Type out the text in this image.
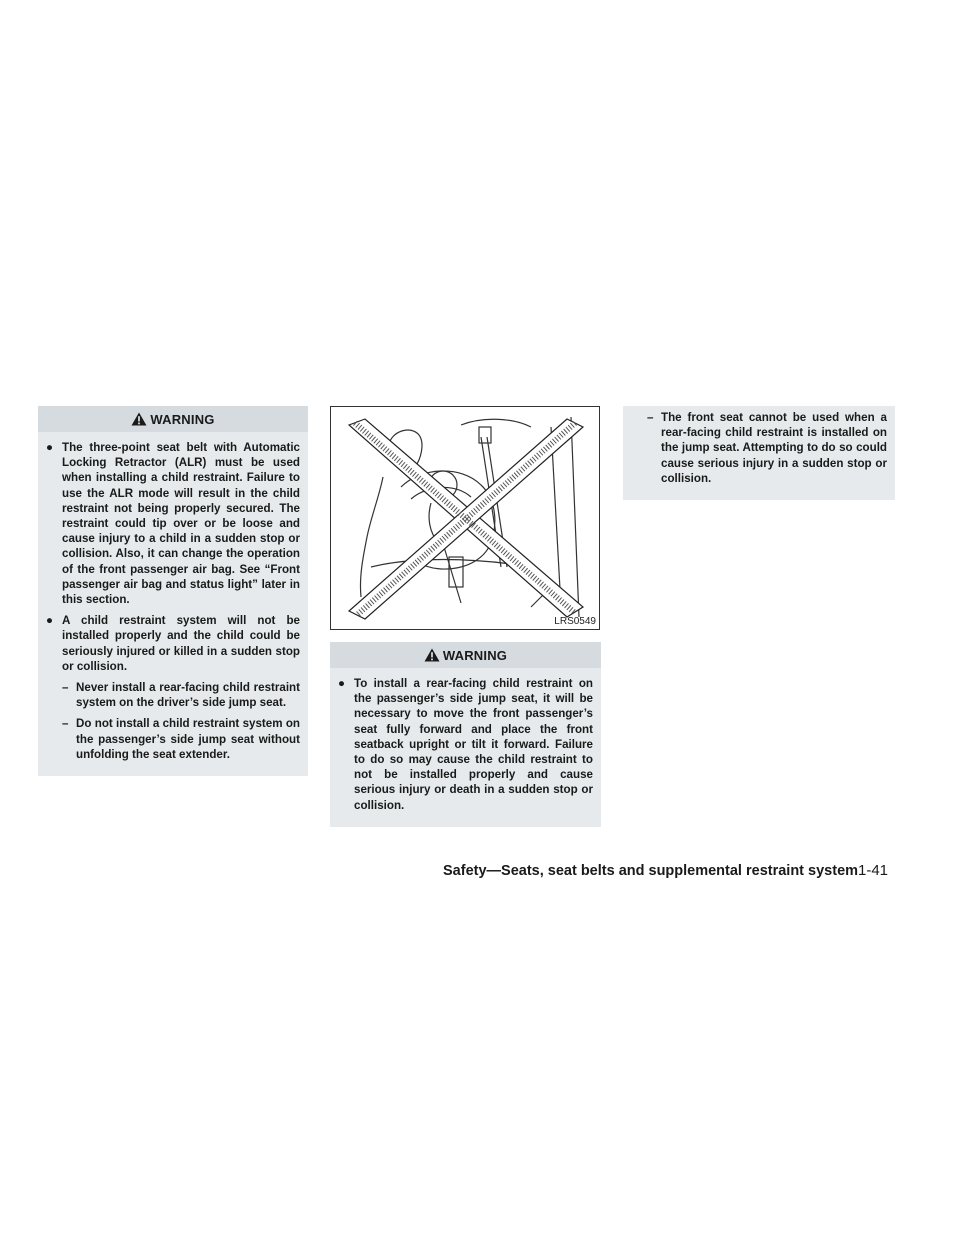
WARNING
● The three-point seat belt with Automatic Locking Retractor (ALR) must be used when installing a child restraint. Failure to use the ALR mode will result in the child restraint not being properly secured. The restraint could tip over or be loose and cause injury to a child in a sudden stop or collision. Also, it can change the operation of the front passenger air bag. See “Front passenger air bag and status light” later in this section.
● A child restraint system will not be installed properly and the child could be seriously injured or killed in a sudden stop or collision.
– Never install a rear-facing child restraint system on the driver’s side jump seat.
– Do not install a child restraint system on the passenger’s side jump seat without unfolding the seat extender.
LRS0549
WARNING
● To install a rear-facing child restraint on the passenger’s side jump seat, it will be necessary to move the front passenger’s seat fully forward and place the front seatback upright or tilt it forward. Failure to do so may cause the child restraint to not be installed properly and cause serious injury or death in a sudden stop or collision.
– The front seat cannot be used when a rear-facing child restraint is installed on the jump seat. Attempting to do so could cause serious injury in a sudden stop or collision.
Safety—Seats, seat belts and supplemental restraint system 1-41
